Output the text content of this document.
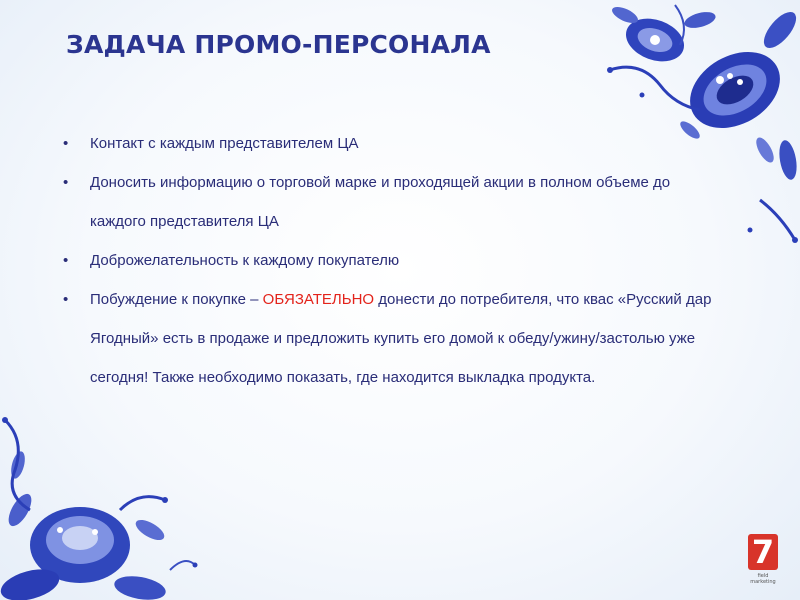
ЗАДАЧА ПРОМО-ПЕРСОНАЛА
• Контакт с каждым представителем ЦА
• Доносить информацию о торговой марке и проходящей акции в полном объеме до каждого представителя ЦА
• Доброжелательность к каждому покупателю
• Побуждение к покупке – ОБЯЗАТЕЛЬНО донести до потребителя, что квас «Русский дар Ягодный» есть в продаже и предложить купить его домой к обеду/ужину/застолью уже сегодня! Также необходимо показать, где находится выкладка продукта.
7
field marketing
